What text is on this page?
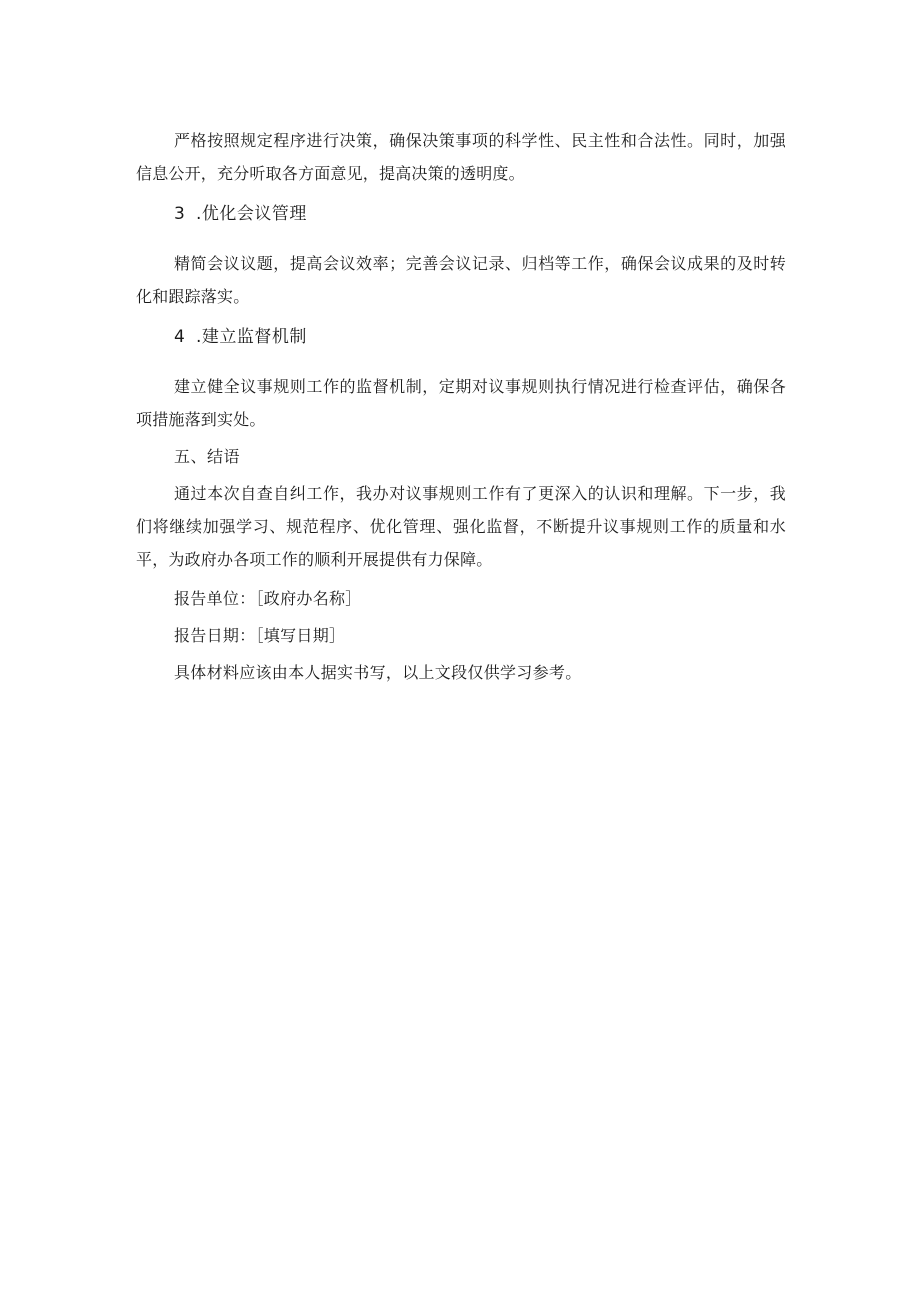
严格按照规定程序进行决策，确保决策事项的科学性、民主性和合法性。同时，加强信息公开，充分听取各方面意见，提高决策的透明度。

3 .优化会议管理

精简会议议题，提高会议效率；完善会议记录、归档等工作，确保会议成果的及时转化和跟踪落实。

4 .建立监督机制

建立健全议事规则工作的监督机制，定期对议事规则执行情况进行检查评估，确保各项措施落到实处。

五、结语

通过本次自查自纠工作，我办对议事规则工作有了更深入的认识和理解。下一步，我们将继续加强学习、规范程序、优化管理、强化监督，不断提升议事规则工作的质量和水平，为政府办各项工作的顺利开展提供有力保障。

报告单位：［政府办名称］

报告日期：［填写日期］

具体材料应该由本人据实书写，以上文段仅供学习参考。
